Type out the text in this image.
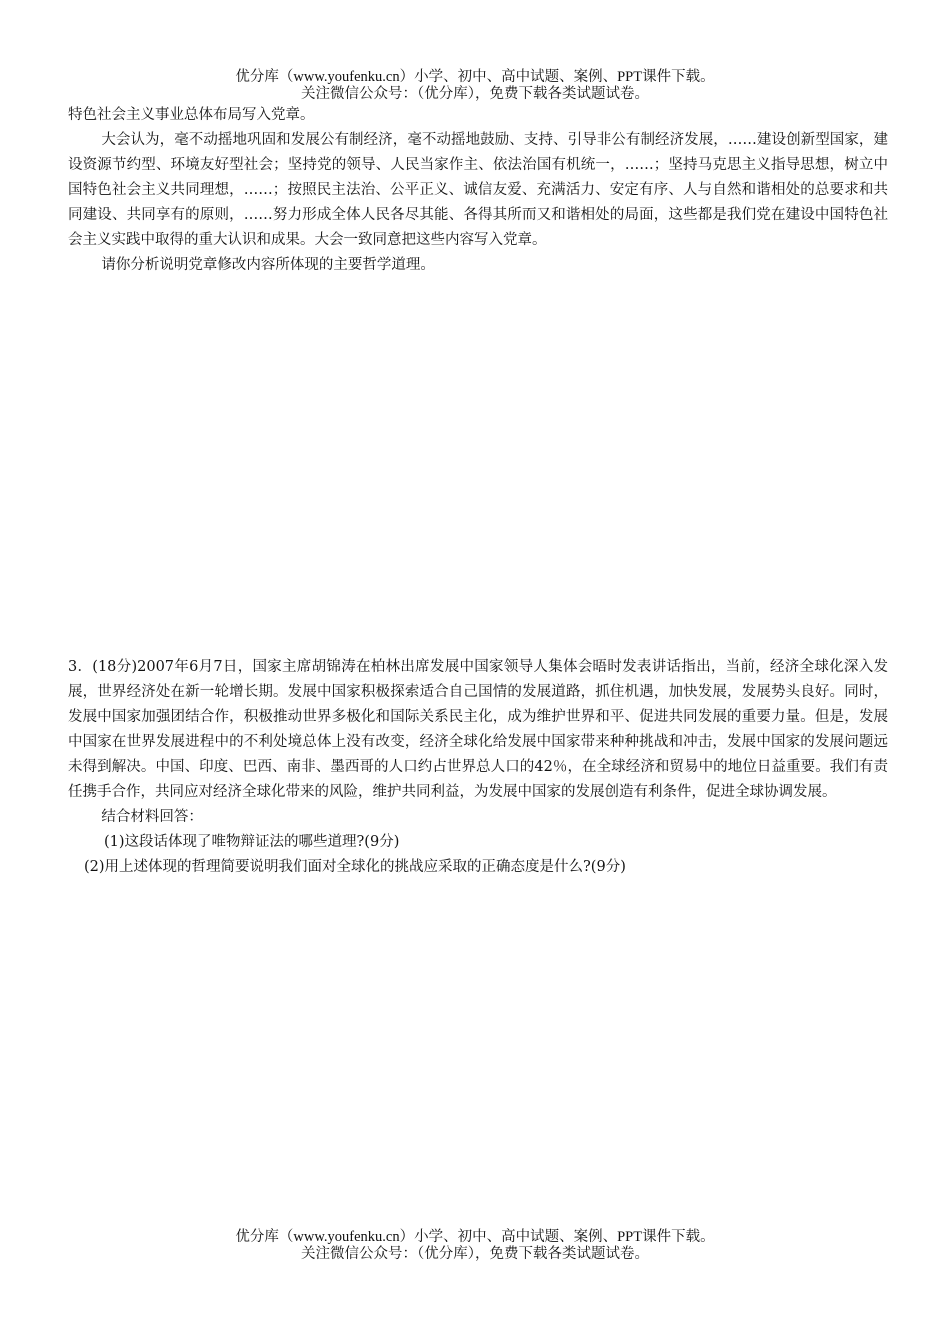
优分库（www.youfenku.cn）小学、初中、高中试题、案例、PPT课件下载。
关注微信公众号：（优分库），免费下载各类试题试卷。

特色社会主义事业总体布局写入党章。

大会认为，毫不动摇地巩固和发展公有制经济，毫不动摇地鼓励、支持、引导非公有制经济发展，……建设创新型国家，建设资源节约型、环境友好型社会；坚持党的领导、人民当家作主、依法治国有机统一，……；坚持马克思主义指导思想，树立中国特色社会主义共同理想，……；按照民主法治、公平正义、诚信友爱、充满活力、安定有序、人与自然和谐相处的总要求和共同建设、共同享有的原则，……努力形成全体人民各尽其能、各得其所而又和谐相处的局面，这些都是我们党在建设中国特色社会主义实践中取得的重大认识和成果。大会一致同意把这些内容写入党章。

请你分析说明党章修改内容所体现的主要哲学道理。

3．(18分)2007年6月7日，国家主席胡锦涛在柏林出席发展中国家领导人集体会晤时发表讲话指出，当前，经济全球化深入发展，世界经济处在新一轮增长期。发展中国家积极探索适合自己国情的发展道路，抓住机遇，加快发展，发展势头良好。同时，发展中国家加强团结合作，积极推动世界多极化和国际关系民主化，成为维护世界和平、促进共同发展的重要力量。但是，发展中国家在世界发展进程中的不利处境总体上没有改变，经济全球化给发展中国家带来种种挑战和冲击，发展中国家的发展问题远未得到解决。中国、印度、巴西、南非、墨西哥的人口约占世界总人口的42％，在全球经济和贸易中的地位日益重要。我们有责任携手合作，共同应对经济全球化带来的风险，维护共同利益，为发展中国家的发展创造有利条件，促进全球协调发展。

结合材料回答：

(1)这段话体现了唯物辩证法的哪些道理?(9分)

(2)用上述体现的哲理简要说明我们面对全球化的挑战应采取的正确态度是什么?(9分)

优分库（www.youfenku.cn）小学、初中、高中试题、案例、PPT课件下载。
关注微信公众号：（优分库），免费下载各类试题试卷。
